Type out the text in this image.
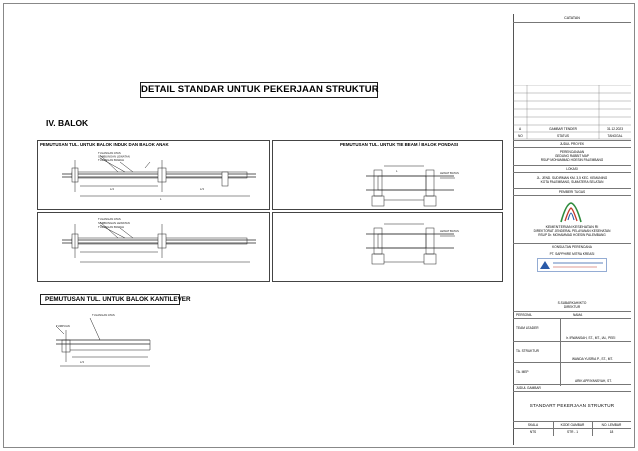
DETAIL STANDAR UNTUK PEKERJAAN STRUKTUR
IV. BALOK
PEMUTUSAN TUL. UNTUK BALOK INDUK DAN BALOK ANAK	PEMUTUSAN TUL. UNTUK TIE BEAM / BALOK PONDASI
PEMUTUSAN TUL. UNTUK BALOK KANTILEVER
TULANGAN ATAS
SAMBUNGAN LEWATAN
TULANGAN BAWAH
L/4	L/3
L
TULANGAN ATAS
SAMBUNGAN LEWATAN
TULANGAN BAWAH
LEWAT BATAS
LEWAT BATAS
L
TUMPUAN
TULANGAN ATAS
L/3
CATATAN
A	GAMBAR TENDER	31.12.2023
NO	STATUS	TANGGAL
JUDUL PROYEK
PERENCANAAN
GEDUNG RABBIT MAP
RSUP MOHAMMAD HOESIN PALEMBANG
LOKASI
JL. JEND. SUDIRMAN KM. 3,5 KEC. KEMUNING
KOTA PALEMBANG, SUMATERA SELATAN
PEMBERI TUGAS
KEMENTERIAN KESEHATAN RI
DIREKTORAT JENDERAL PELAYANAN KESEHATAN
RSUP Dr. MOHAMMAD HOESIN PALEMBANG
KONSULTAN PERENCANA
PT. SAPPHIRE MITRA KREASI
S.SUBARKAH/IKTO
DIREKTUR
PERSONIL	NAMA
TEAM LEADER
Ir. IRWANSAH, ST., MT., IAI., PEEI
TA. STRUKTUR
WANDA YUSRIA P., ST., MT.
TA. MEP
ARIK APRIYANSYAH, ST.
JUDUL GAMBAR
STANDART PEKERJAAN STRUKTUR
SKALA	KODE GAMBAR	NO. LEMBAR
NTS	STR - 1	18
